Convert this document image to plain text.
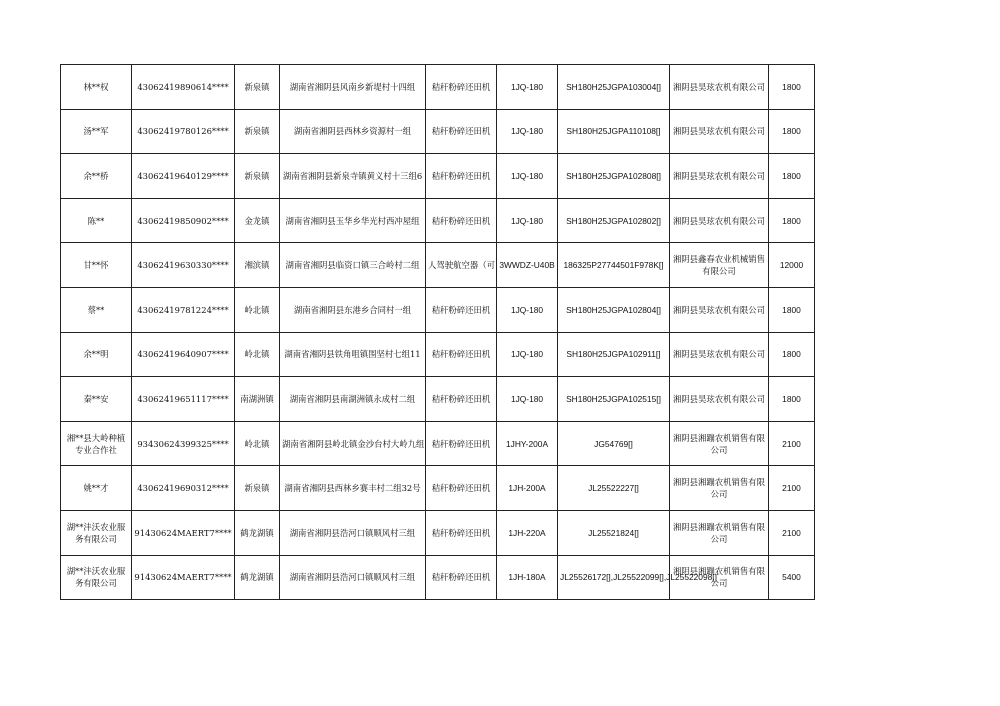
林**权	43062419890614****	新泉镇	湖南省湘阴县风南乡新堤村十四组	秸秆粉碎还田机	1JQ-180	SH180H25JGPA103004[]	湘阴县昊玹农机有限公司	1800
汤**军	43062419780126****	新泉镇	湖南省湘阴县西林乡资源村一组	秸秆粉碎还田机	1JQ-180	SH180H25JGPA110108[]	湘阴县昊玹农机有限公司	1800
余**桥	43062419640129****	新泉镇	湖南省湘阴县新泉寺镇黄义村十三组6	秸秆粉碎还田机	1JQ-180	SH180H25JGPA102808[]	湘阴县昊玹农机有限公司	1800
陈**	43062419850902****	金龙镇	湖南省湘阴县玉华乡华光村西冲屋组	秸秆粉碎还田机	1JQ-180	SH180H25JGPA102802[]	湘阴县昊玹农机有限公司	1800
甘**怀	43062419630330****	湘滨镇	湖南省湘阴县临资口镇三合岭村二组	人驾驶航空器（可	3WWDZ-U40B	186325P27744501F978K[]	湘阴县鑫春农业机械销售有限公司	12000
蔡**	43062419781224****	岭北镇	湖南省湘阴县东港乡合同村一组	秸秆粉碎还田机	1JQ-180	SH180H25JGPA102804[]	湘阴县昊玹农机有限公司	1800
余**明	43062419640907****	岭北镇	湖南省湘阴县铁角咀镇围坚村七组11	秸秆粉碎还田机	1JQ-180	SH180H25JGPA102911[]	湘阴县昊玹农机有限公司	1800
秦**安	43062419651117****	南湖洲镇	湖南省湘阴县南湖洲镇永成村二组	秸秆粉碎还田机	1JQ-180	SH180H25JGPA102515[]	湘阴县昊玹农机有限公司	1800
湘**县大岭种植专业合作社	93430624399325****	岭北镇	湖南省湘阴县岭北镇金沙台村大岭九组	秸秆粉碎还田机	1JHY-200A	JG54769[]	湘阴县湘蹦农机销售有限公司	2100
姚**才	43062419690312****	新泉镇	湖南省湘阴县西林乡赛丰村二组32号	秸秆粉碎还田机	1JH-200A	JL25522227[]	湘阴县湘蹦农机销售有限公司	2100
湖**沣沃农业服务有限公司	91430624MAERT7****	鹤龙湖镇	湖南省湘阴县浩河口镇顺风村三组	秸秆粉碎还田机	1JH-220A	JL25521824[]	湘阴县湘蹦农机销售有限公司	2100
湖**沣沃农业服务有限公司	91430624MAERT7****	鹤龙湖镇	湖南省湘阴县浩河口镇顺风村三组	秸秆粉碎还田机	1JH-180A	JL25526172[],JL25522099[],JL25522098[]	湘阴县湘蹦农机销售有限公司	5400
